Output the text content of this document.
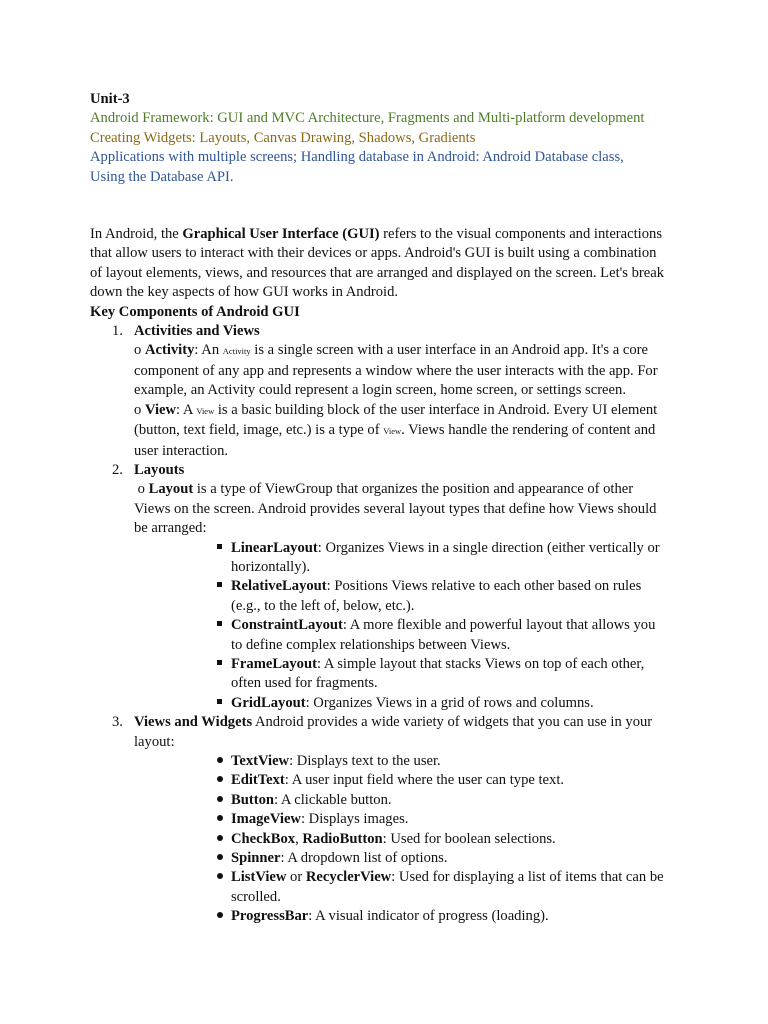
Unit-3
Android Framework: GUI and MVC Architecture, Fragments and Multi-platform development
Creating Widgets: Layouts, Canvas Drawing, Shadows, Gradients
Applications with multiple screens; Handling database in Android: Android Database class,
Using the Database API.
In Android, the Graphical User Interface (GUI) refers to the visual components and interactions
that allow users to interact with their devices or apps. Android's GUI is built using a combination
of layout elements, views, and resources that are arranged and displayed on the screen. Let's break
down the key aspects of how GUI works in Android.
Key Components of Android GUI
1. Activities and Views
o Activity: An Activity is a single screen with a user interface in an Android app. It's a core
component of any app and represents a window where the user interacts with the app. For
example, an Activity could represent a login screen, home screen, or settings screen.
o View: A View is a basic building block of the user interface in Android. Every UI element
(button, text field, image, etc.) is a type of View. Views handle the rendering of content and
user interaction.
2. Layouts
o Layout is a type of ViewGroup that organizes the position and appearance of other
Views on the screen. Android provides several layout types that define how Views should
be arranged:
LinearLayout: Organizes Views in a single direction (either vertically or
horizontally).
RelativeLayout: Positions Views relative to each other based on rules
(e.g., to the left of, below, etc.).
ConstraintLayout: A more flexible and powerful layout that allows you
to define complex relationships between Views.
FrameLayout: A simple layout that stacks Views on top of each other,
often used for fragments.
GridLayout: Organizes Views in a grid of rows and columns.
3. Views and Widgets Android provides a wide variety of widgets that you can use in your
layout:
TextView: Displays text to the user.
EditText: A user input field where the user can type text.
Button: A clickable button.
ImageView: Displays images.
CheckBox, RadioButton: Used for boolean selections.
Spinner: A dropdown list of options.
ListView or RecyclerView: Used for displaying a list of items that can be
scrolled.
ProgressBar: A visual indicator of progress (loading).
